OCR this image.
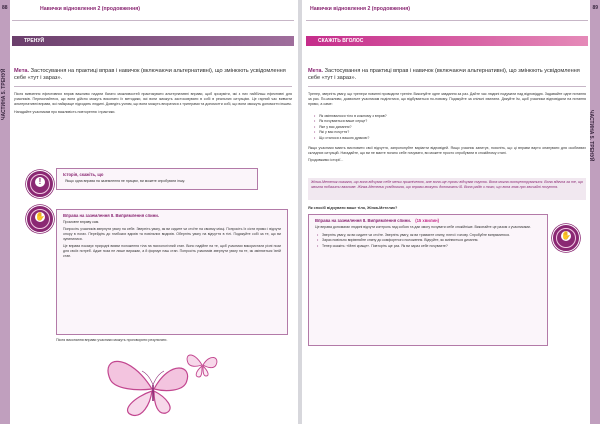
ЧАСТИНА 5. ТРЕНУЙ
88	Навички відновлення 2 (продовження)
ТРЕНУЙ
Мета. Застосування на практиці вправ і навичок (включаючи альтернативні), що змінюють усвідомлення себе «тут і зараз».

Після вивчення ефективних вправ важливо надати багато можливостей практикувати альтернативні вправи, щоб зрозуміти, які з них найбільш ефективні для учасників. Переконайтеся, що вони дійсно можуть виконати їх методики, які вони зможуть застосовувати в собі в реальних ситуаціях. Це гарний час вивчити альтернативні вправи, які найкраще підходять людині. Доведіть учням, що вони можуть впоратися з тригерами та допомогти собі, що вони зможуть допомогти іншим.

Нагадайте учасникам про важливість повторення і практики.

!
Історія, скажіть, що
Якщо одна вправа на заземлення не працює, ви можете спробувати іншу.
✋	Вправа на заземлення 8. Випрямлення спини.

Промовте вправу сам.

Попросіть учасників звернути увагу на себе. Зверніть увагу, як ви сидите чи стоїте на своєму місці. Попросіть їх сісти прямо і відчути опору в ногах. Перейдіть до глибоких вдихів та повільних видихів. Оберніть увагу на відчуття в тілі. Подякуйте собі за те, що ви зупинилися.

Це вправа показує природні вияви положення тіла на психологічний стан. Воно надійне на те, щоб учасники використали різні пози для своїх потреб. Адже поза не лише виражає, а й формує наш стан. Попросіть учасників звернути увагу на те, як змінюється їхній стан.

Після виконання вправи учасники можуть проговорити результати.

ЧАСТИНА 5. ТРЕНУЙ
89
Навички відновлення 2 (продовження)
СКАЖІТЬ ВГОЛОС
Мета. Застосування на практиці вправ і навичок (включаючи альтернативні), що змінюють усвідомлення себе «тут і зараз».

Тренер, зверніть увагу, що тренери повинні проводити тренінг. Виконуйте одне завдання за раз. Дайте час людині подумати над відповіддю. Задавайте одне питання за раз. По-можливо, дозвольте учасникам поділитися, що відбувається по-новому. Подякуйте за спільні хвилини. Дякуйте їм, щоб учасники відповідали на питання прямо, а саме:

• Як змінювалося тіло в кожному з вправ?
• Як почувається ваше серце?
• Яке у вас дихання?
• Які у вас почуття?
• Що сталося з вашою думкою?

Якщо учасники мають висловити свої відчуття, запропонуйте варіанти відповідей. Якщо учасник запитує, поясніть, що ці вправи варто опанувати для особливих складних ситуацій. Нагадайте, що ви не маєте погано себе почувати, ви можете просто спробувати в спокійному стані.

Продовжимо історії...

Жінка-Метелик сказала, що вона відчуває себе менш пригніченою, але вона ще трохи відчуває смуток. Вона могла сконцентруватися. Вона вдячна за те, що змогла побачити важливе. Жінка-Метелик усвідомила, що вправи можуть допомогти їй. Вона радіє з того, що вона знає про звичайні почуття.
Як спосіб відчувати ваше тіло, Жінка-Метелик?
Вправа на заземлення 8. Випрямлення спини. (15 хвилин)
Це вправа допомагає людині відчути контроль над собою та дає змогу почувати себе спокійніше. Виконайте це разом з учасниками.
• Зверніть увагу, як ви сидите чи стоїте. Зверніть увагу, як ви тримаєте спину, плечі і голову. Спробуйте випрямитися.
• Зараз повільно вирівнюйте спину до комфортного положення. Відчуйте, як змінюється дихання.
• Тепер скажіть: «Мені краще». Повторіть ще раз. Як ви зараз себе почуваєте?
✋
